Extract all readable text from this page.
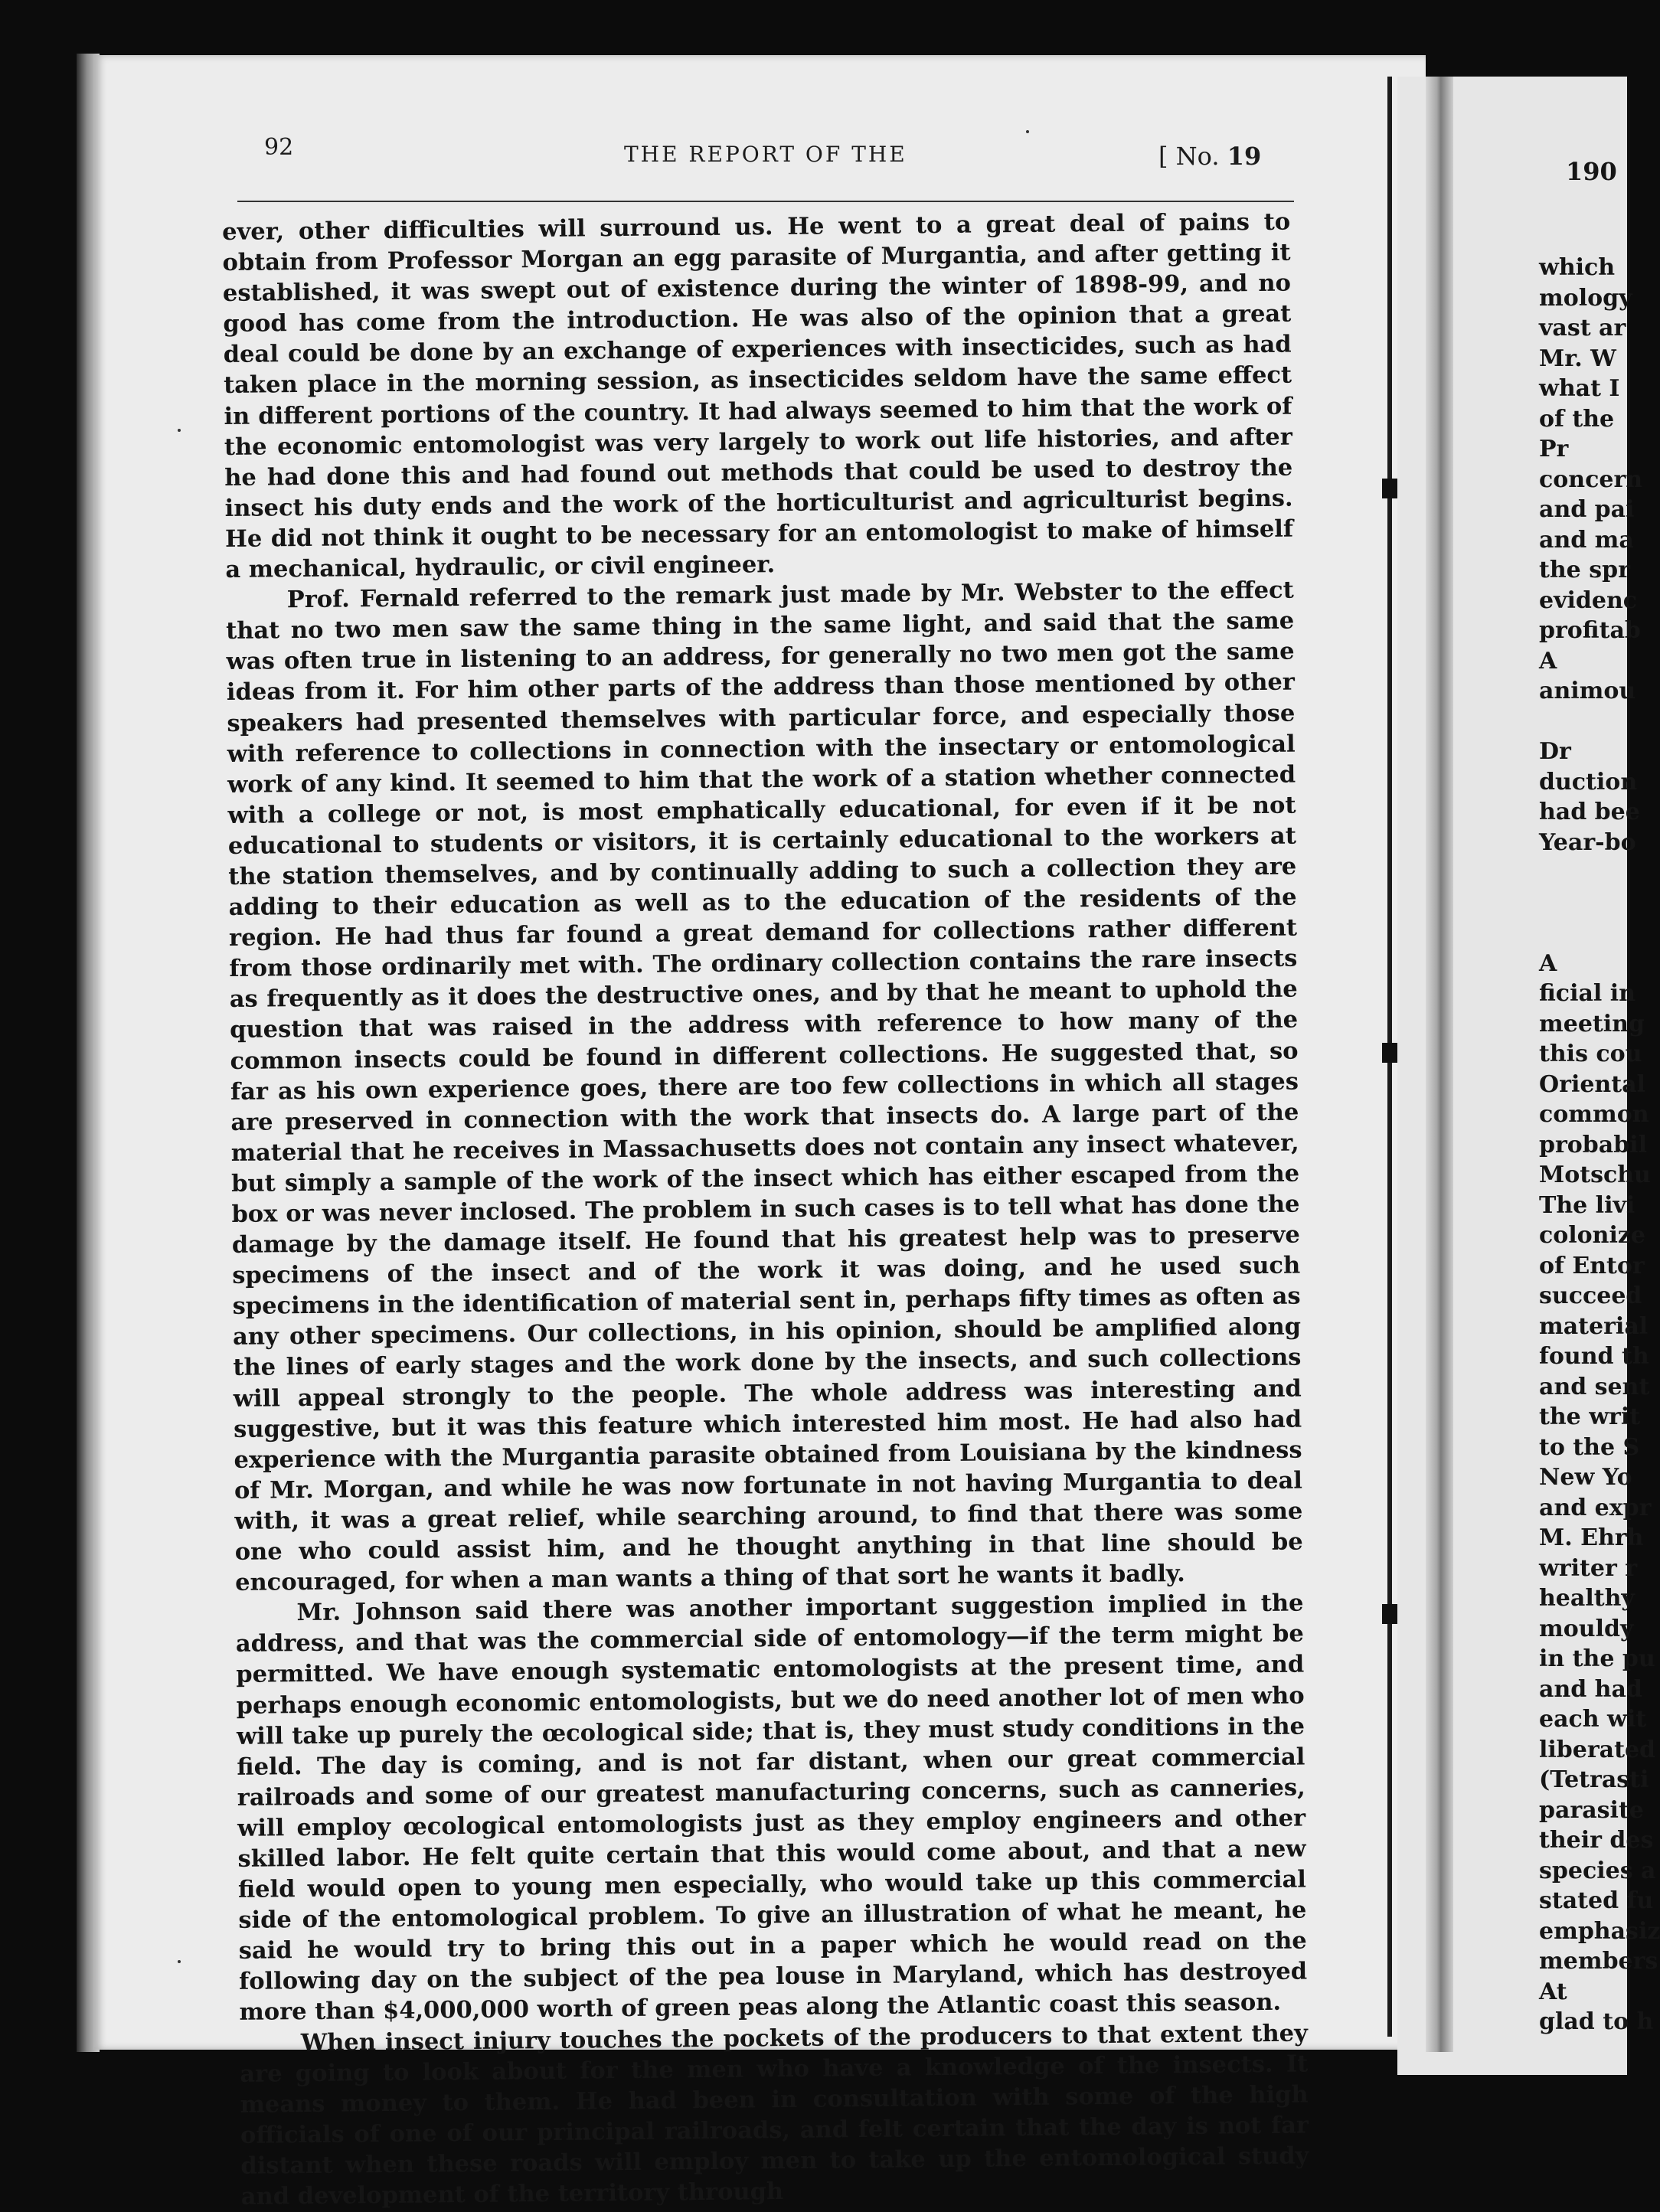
92	THE REPORT OF THE	[ No. 19

ever, other difficulties will surround us. He went to a great deal of pains to obtain from Professor Morgan an egg parasite of Murgantia, and after getting it established, it was swept out of existence during the winter of 1898-99, and no good has come from the introduction. He was also of the opinion that a great deal could be done by an exchange of experiences with insecticides, such as had taken place in the morning session, as insecticides seldom have the same effect in different portions of the country. It had always seemed to him that the work of the economic entomologist was very largely to work out life histories, and after he had done this and had found out methods that could be used to destroy the insect his duty ends and the work of the horticulturist and agriculturist begins. He did not think it ought to be necessary for an entomologist to make of himself a mechanical, hydraulic, or civil engineer.

Prof. Fernald referred to the remark just made by Mr. Webster to the effect that no two men saw the same thing in the same light, and said that the same was often true in listening to an address, for generally no two men got the same ideas from it. For him other parts of the address than those mentioned by other speakers had presented themselves with particular force, and especially those with reference to collections in connection with the insectary or entomological work of any kind. It seemed to him that the work of a station whether connected with a college or not, is most emphatically educational, for even if it be not educational to students or visitors, it is certainly educational to the workers at the station themselves, and by continually adding to such a collection they are adding to their education as well as to the education of the residents of the region. He had thus far found a great demand for collections rather different from those ordinarily met with. The ordinary collection contains the rare insects as frequently as it does the destructive ones, and by that he meant to uphold the question that was raised in the address with reference to how many of the common insects could be found in different collections. He suggested that, so far as his own experience goes, there are too few collections in which all stages are preserved in connection with the work that insects do. A large part of the material that he receives in Massachusetts does not contain any insect whatever, but simply a sample of the work of the insect which has either escaped from the box or was never inclosed. The problem in such cases is to tell what has done the damage by the damage itself. He found that his greatest help was to preserve specimens of the insect and of the work it was doing, and he used such specimens in the identification of material sent in, perhaps fifty times as often as any other specimens. Our collections, in his opinion, should be amplified along the lines of early stages and the work done by the insects, and such collections will appeal strongly to the people. The whole address was interesting and suggestive, but it was this feature which interested him most. He had also had experience with the Murgantia parasite obtained from Louisiana by the kindness of Mr. Morgan, and while he was now fortunate in not having Murgantia to deal with, it was a great relief, while searching around, to find that there was some one who could assist him, and he thought anything in that line should be encouraged, for when a man wants a thing of that sort he wants it badly.

Mr. Johnson said there was another important suggestion implied in the address, and that was the commercial side of entomology—if the term might be permitted. We have enough systematic entomologists at the present time, and perhaps enough economic entomologists, but we do need another lot of men who will take up purely the œcological side; that is, they must study conditions in the field. The day is coming, and is not far distant, when our great commercial railroads and some of our greatest manufacturing concerns, such as canneries, will employ œcological entomologists just as they employ engineers and other skilled labor. He felt quite certain that this would come about, and that a new field would open to young men especially, who would take up this commercial side of the entomological problem. To give an illustration of what he meant, he said he would try to bring this out in a paper which he would read on the following day on the subject of the pea louse in Maryland, which has destroyed more than $4,000,000 worth of green peas along the Atlantic coast this season.

When insect injury touches the pockets of the producers to that extent they are going to look about for the men who have a knowledge of the insects. It means money to them. He had been in consultation with some of the high officials of one of our principal railroads, and felt certain that the day is not far distant when these roads will employ men to take up the entomological study and development of the territory through

190
which
mology
vast ar
Mr. W
what I
of the
Pr
concern
and pai
and ma
the spr
evidenc
profitab
A
animou
Dr
duction
had bee
Year-bo
A
ficial in
meeting
this cou
Oriental
common
probabil
Motschu
The livi
colonize
of Entor
succeed
material
found th
and sent
the writ
to the S
New Yo
and expr
M. Ehrh
writer r
healthy
mouldy
in the pu
and had
each wit
liberated
(Tetrasti
parasite
their des
species a
stated fu
emphasiz
members
At
glad to h
